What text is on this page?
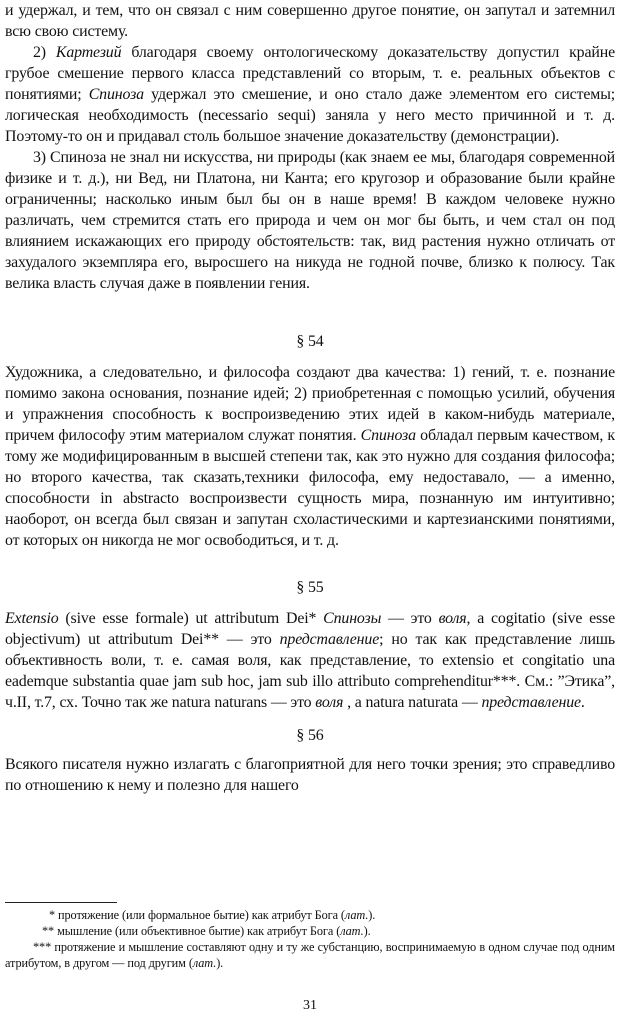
и удержал, и тем, что он связал с ним совершенно другое понятие, он запутал и затемнил всю свою систему.

2) Картезий благодаря своему онтологическому доказательству допустил крайне грубое смешение первого класса представлений со вторым, т. е. реальных объектов с понятиями; Спиноза удержал это смешение, и оно стало даже элементом его системы; логическая необходимость (necessario sequi) заняла у него место причинной и т. д. Поэтому-то он и придавал столь большое значение доказательству (демонстрации).

3) Спиноза не знал ни искусства, ни природы (как знаем ее мы, благодаря современной физике и т. д.), ни Вед, ни Платона, ни Канта; его кругозор и образование были крайне ограниченны; насколько иным был бы он в наше время! В каждом человеке нужно различать, чем стремится стать его природа и чем он мог бы быть, и чем стал он под влиянием искажающих его природу обстоятельств: так, вид растения нужно отличать от захудалого экземпляра его, выросшего на никуда не годной почве, близко к полюсу. Так велика власть случая даже в появлении гения.

§ 54

Художника, а следовательно, и философа создают два качества: 1) гений, т. е. познание помимо закона основания, познание идей; 2) приобретенная с помощью усилий, обучения и упражнения способность к воспроизведению этих идей в каком-нибудь материале, причем философу этим материалом служат понятия. Спиноза обладал первым качеством, к тому же модифицированным в высшей степени так, как это нужно для создания философа; но второго качества, так сказать,техники философа, ему недоставало, — а именно, способности in abstracto воспроизвести сущность мира, познанную им интуитивно; наоборот, он всегда был связан и запутан схоластическими и картезианскими понятиями, от которых он никогда не мог освободиться, и т. д.

§ 55

Extensio (sive esse formale) ut attributum Dei* Спинозы — это воля, a cogitatio (sive esse objectivum) ut attributum Dei** — это представление; но так как представление лишь объективность воли, т. е. самая воля, как представление, то extensio et congitatio una eademque substantia quae jam sub hoc, jam sub illo attributo comprehenditur***. См.: ”Этика”, ч.II, т.7, сх. Точно так же natura naturans — это воля , a natura naturata — представление.

§ 56

Всякого писателя нужно излагать с благоприятной для него точки зрения; это справедливо по отношению к нему и полезно для нашего

* протяжение (или формальное бытие) как атрибут Бога (лат.).

** мышление (или объективное бытие) как атрибут Бога (лат.).

*** протяжение и мышление составляют одну и ту же субстанцию, воспринимаемую в одном случае под одним атрибутом, в другом — под другим (лат.).

31
